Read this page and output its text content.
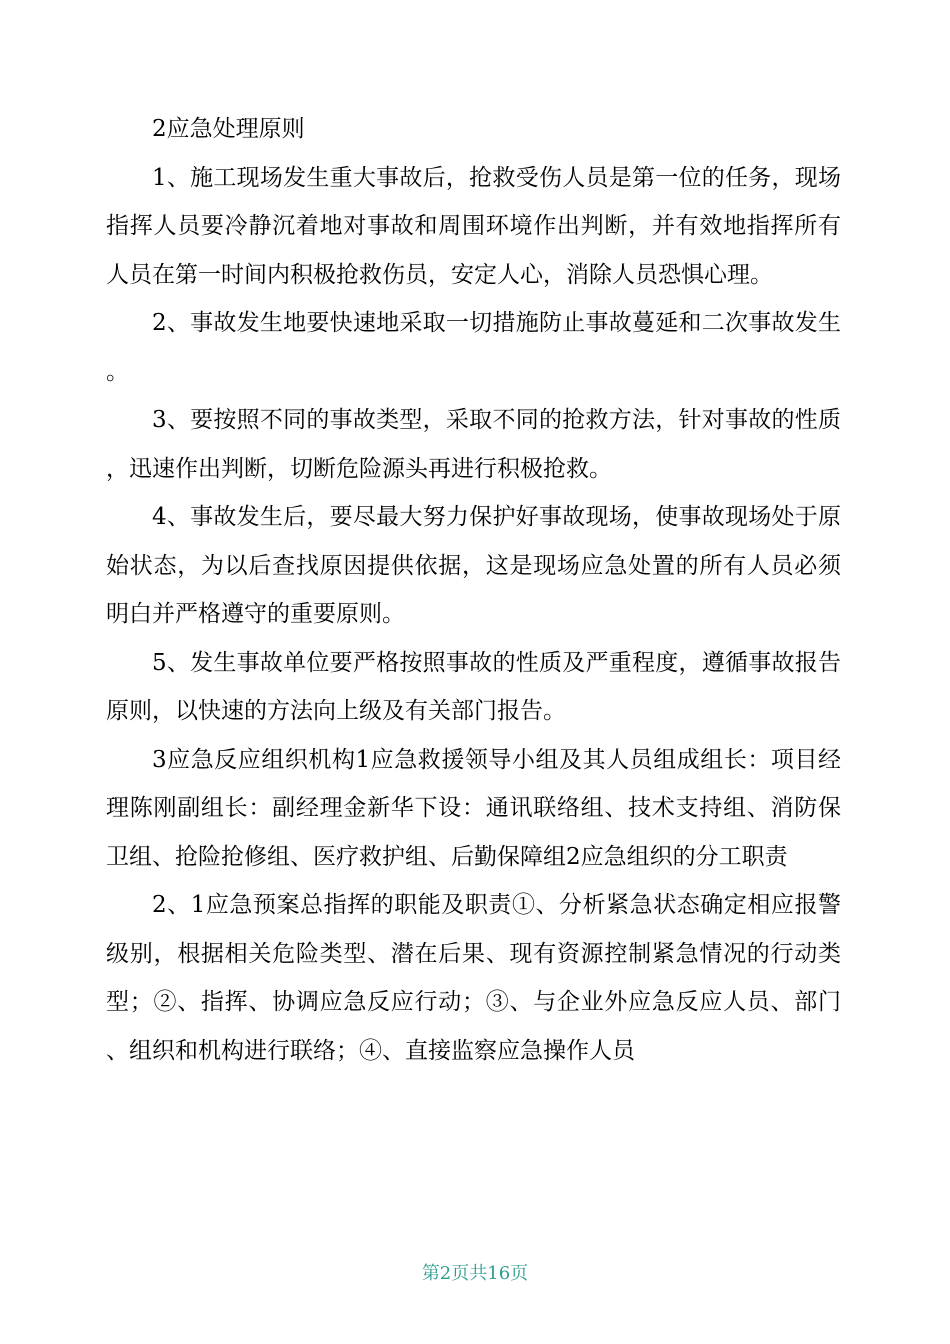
2应急处理原则

1、施工现场发生重大事故后，抢救受伤人员是第一位的任务，现场指挥人员要冷静沉着地对事故和周围环境作出判断，并有效地指挥所有人员在第一时间内积极抢救伤员，安定人心，消除人员恐惧心理。

2、事故发生地要快速地采取一切措施防止事故蔓延和二次事故发生。

3、要按照不同的事故类型，采取不同的抢救方法，针对事故的性质，迅速作出判断，切断危险源头再进行积极抢救。

4、事故发生后，要尽最大努力保护好事故现场，使事故现场处于原始状态，为以后查找原因提供依据，这是现场应急处置的所有人员必须明白并严格遵守的重要原则。

5、发生事故单位要严格按照事故的性质及严重程度，遵循事故报告原则，以快速的方法向上级及有关部门报告。

3应急反应组织机构1应急救援领导小组及其人员组成组长：项目经理陈刚副组长：副经理金新华下设：通讯联络组、技术支持组、消防保卫组、抢险抢修组、医疗救护组、后勤保障组2应急组织的分工职责

2、1应急预案总指挥的职能及职责①、分析紧急状态确定相应报警级别，根据相关危险类型、潜在后果、现有资源控制紧急情况的行动类型；②、指挥、协调应急反应行动；③、与企业外应急反应人员、部门、组织和机构进行联络；④、直接监察应急操作人员

第2页共16页
